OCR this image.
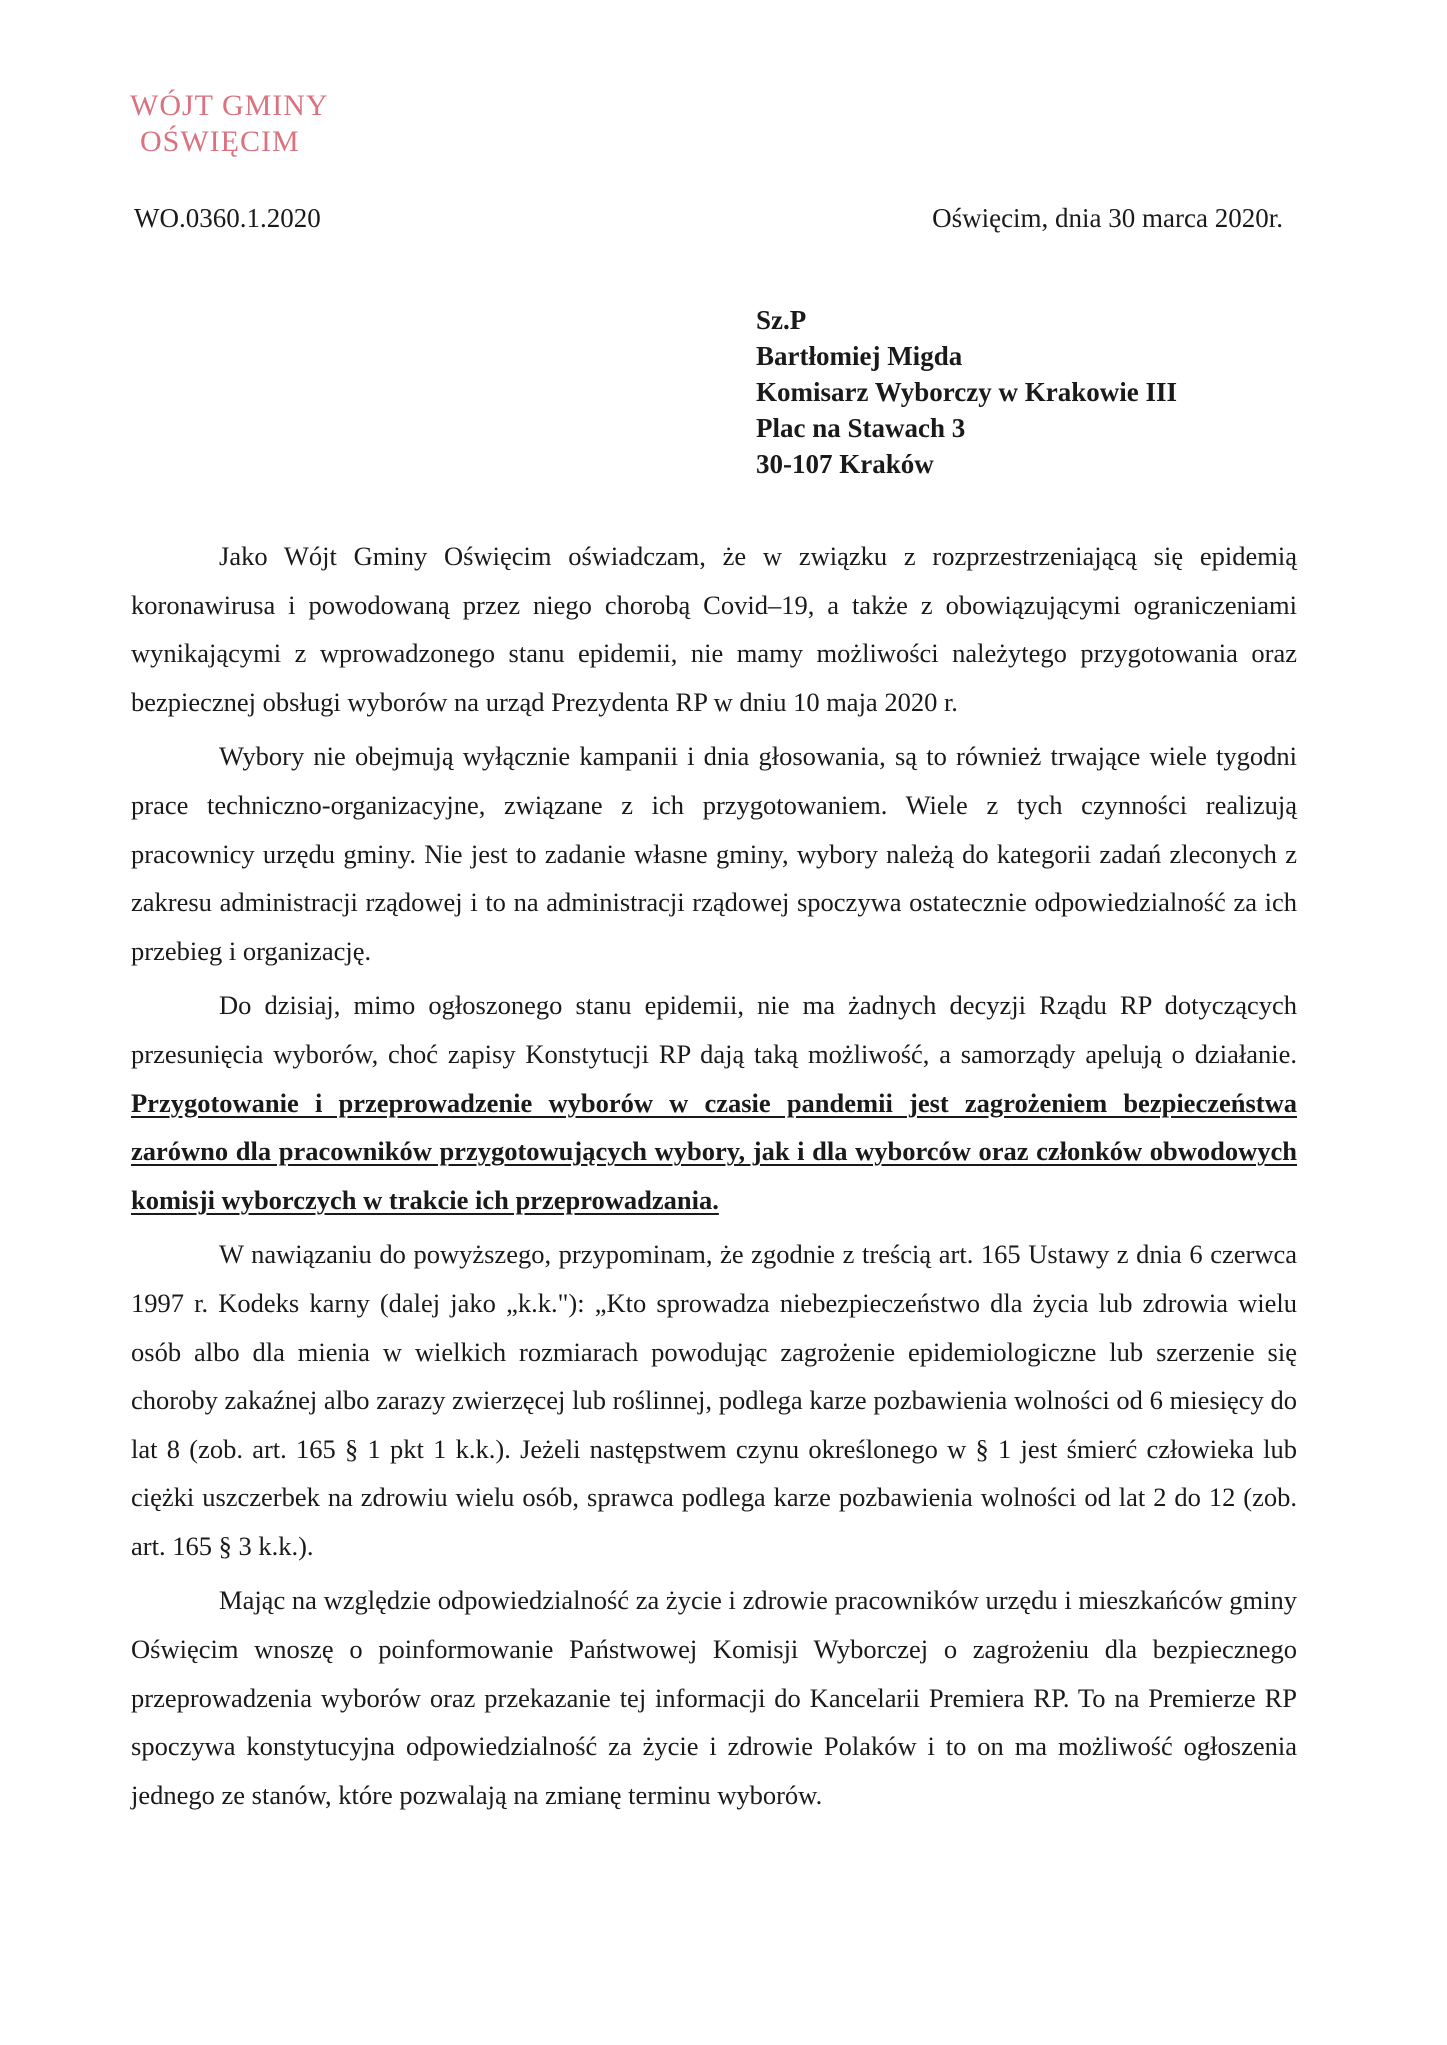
WÓJT GMINY
OŚWIĘCIM
WO.0360.1.2020	Oświęcim, dnia 30 marca 2020r.
Sz.P
Bartłomiej Migda
Komisarz Wyborczy w Krakowie III
Plac na Stawach 3
30-107 Kraków

Jako Wójt Gminy Oświęcim oświadczam, że w związku z rozprzestrzeniającą się epidemią koronawirusa i powodowaną przez niego chorobą Covid–19, a także z obowiązującymi ograniczeniami wynikającymi z wprowadzonego stanu epidemii, nie mamy możliwości należytego przygotowania oraz bezpiecznej obsługi wyborów na urząd Prezydenta RP w dniu 10 maja 2020 r.

Wybory nie obejmują wyłącznie kampanii i dnia głosowania, są to również trwające wiele tygodni prace techniczno-organizacyjne, związane z ich przygotowaniem. Wiele z tych czynności realizują pracownicy urzędu gminy. Nie jest to zadanie własne gminy, wybory należą do kategorii zadań zleconych z zakresu administracji rządowej i to na administracji rządowej spoczywa ostatecznie odpowiedzialność za ich przebieg i organizację.

Do dzisiaj, mimo ogłoszonego stanu epidemii, nie ma żadnych decyzji Rządu RP dotyczących przesunięcia wyborów, choć zapisy Konstytucji RP dają taką możliwość, a samorządy apelują o działanie. Przygotowanie i przeprowadzenie wyborów w czasie pandemii jest zagrożeniem bezpieczeństwa zarówno dla pracowników przygotowujących wybory, jak i dla wyborców oraz członków obwodowych komisji wyborczych w trakcie ich przeprowadzania.

W nawiązaniu do powyższego, przypominam, że zgodnie z treścią art. 165 Ustawy z dnia 6 czerwca 1997 r. Kodeks karny (dalej jako „k.k."): „Kto sprowadza niebezpieczeństwo dla życia lub zdrowia wielu osób albo dla mienia w wielkich rozmiarach powodując zagrożenie epidemiologiczne lub szerzenie się choroby zakaźnej albo zarazy zwierzęcej lub roślinnej, podlega karze pozbawienia wolności od 6 miesięcy do lat 8 (zob. art. 165 § 1 pkt 1 k.k.). Jeżeli następstwem czynu określonego w § 1 jest śmierć człowieka lub ciężki uszczerbek na zdrowiu wielu osób, sprawca podlega karze pozbawienia wolności od lat 2 do 12 (zob. art. 165 § 3 k.k.).

Mając na względzie odpowiedzialność za życie i zdrowie pracowników urzędu i mieszkańców gminy Oświęcim wnoszę o poinformowanie Państwowej Komisji Wyborczej o zagrożeniu dla bezpiecznego przeprowadzenia wyborów oraz przekazanie tej informacji do Kancelarii Premiera RP. To na Premierze RP spoczywa konstytucyjna odpowiedzialność za życie i zdrowie Polaków i to on ma możliwość ogłoszenia jednego ze stanów, które pozwalają na zmianę terminu wyborów.
